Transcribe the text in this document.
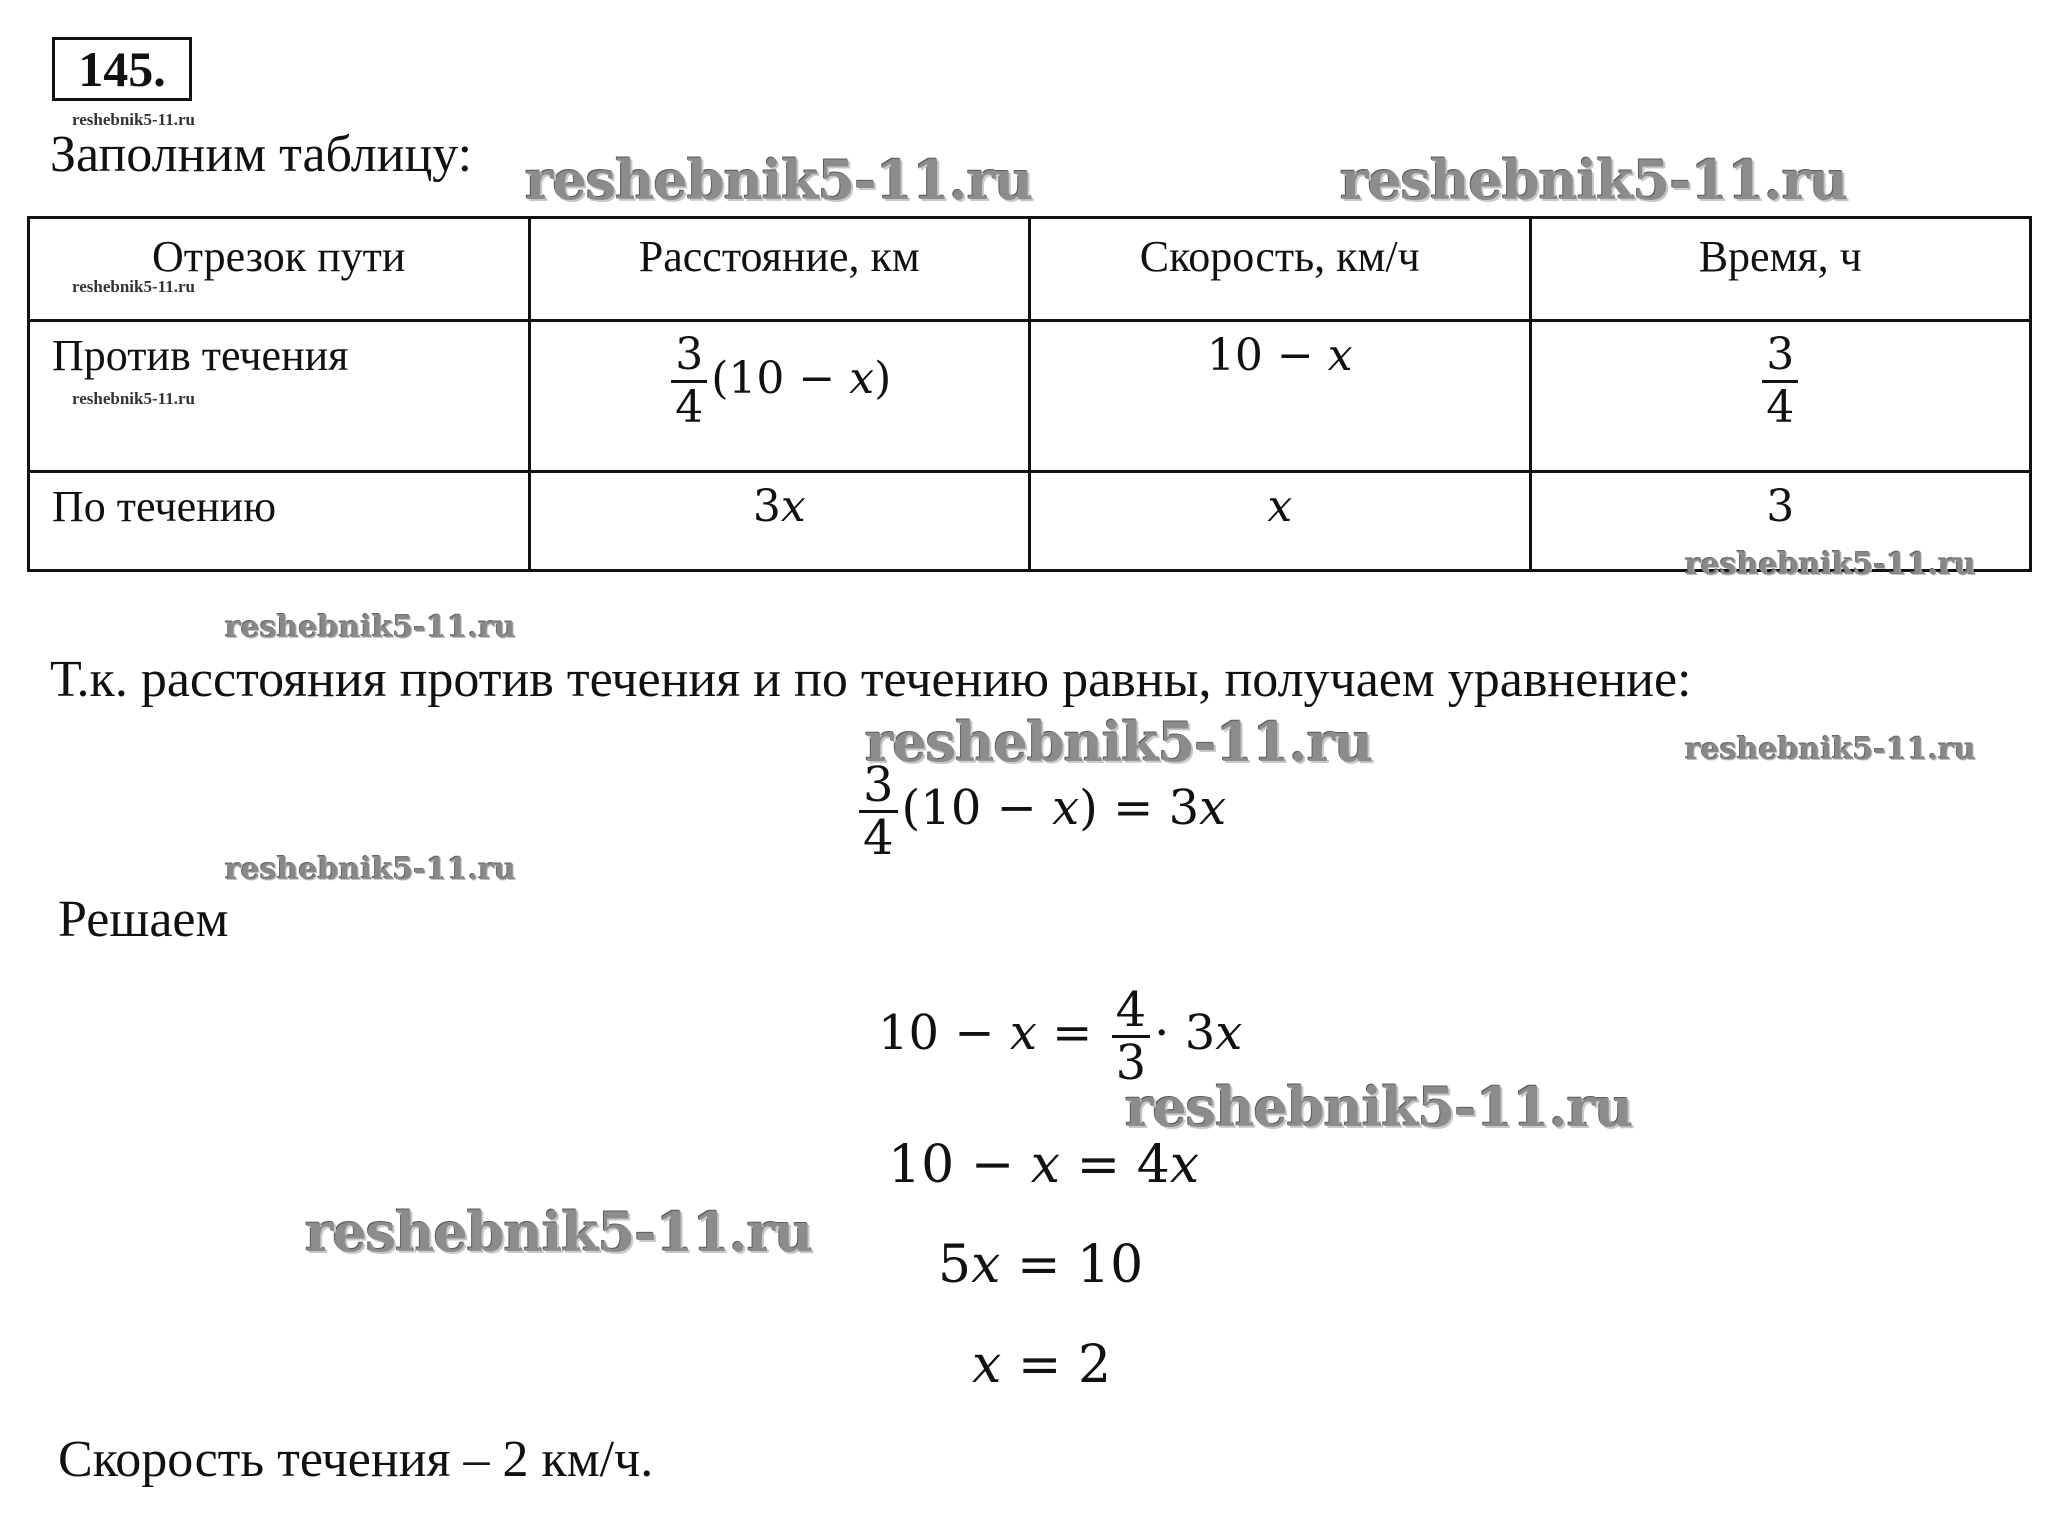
145.
reshebnik5-11.ru
reshebnik5-11.ru
reshebnik5-11.ru
Заполним таблицу: reshebnik5-11.ru	reshebnik5-11.ru
Отрезок пути	Расстояние, км	Скорость, км/ч	Время, ч
Против течения	$\frac{3}{4} (10 - x)$	10 − x	$\frac{3}{4}$

По течению	3x	x	3
reshebnik5-11.ru
reshebnik5-11.ru
Т.к. расстояния против течения и по течению равны, получаем уравнение:
reshebnik5-11.ru	reshebnik5-11.ru
$\frac{3}{4} (10 - x) = 3x$
reshebnik5-11.ru
Решаем
$10 - x = \frac{4}{3} \cdot 3x$
reshebnik5-11.ru
10 − x = 4x
reshebnik5-11.ru
5x = 10
x = 2
Скорость течения – 2 км/ч.
